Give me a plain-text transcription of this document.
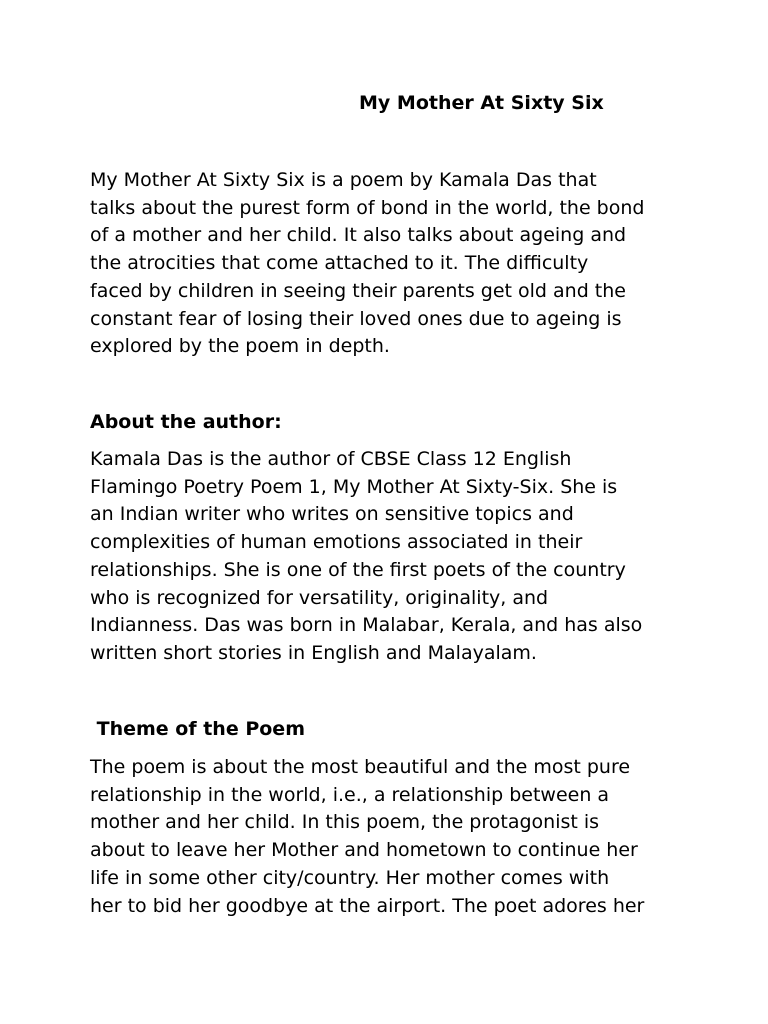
My Mother At Sixty Six
My Mother At Sixty Six is a poem by Kamala Das that
talks about the purest form of bond in the world, the bond
of a mother and her child. It also talks about ageing and
the atrocities that come attached to it. The difficulty
faced by children in seeing their parents get old and the
constant fear of losing their loved ones due to ageing is
explored by the poem in depth.
About the author:
Kamala Das is the author of CBSE Class 12 English
Flamingo Poetry Poem 1, My Mother At Sixty-Six. She is
an Indian writer who writes on sensitive topics and
complexities of human emotions associated in their
relationships. She is one of the first poets of the country
who is recognized for versatility, originality, and
Indianness. Das was born in Malabar, Kerala, and has also
written short stories in English and Malayalam.
Theme of the Poem
The poem is about the most beautiful and the most pure
relationship in the world, i.e., a relationship between a
mother and her child. In this poem, the protagonist is
about to leave her Mother and hometown to continue her
life in some other city/country. Her mother comes with
her to bid her goodbye at the airport. The poet adores her
